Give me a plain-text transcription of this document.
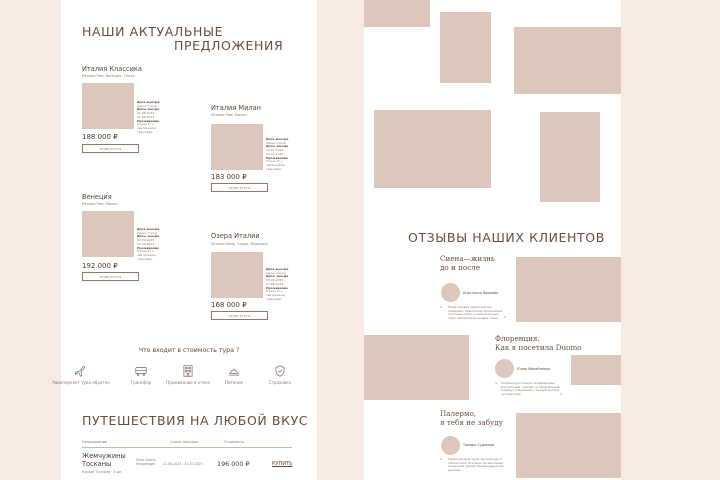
НАШИ АКТУАЛЬНЫЕ
ПРЕДЛОЖЕНИЯ
Италия Классика
Италия Рим, Венеция, Генуя
Дата выезда
Адрес Город
Даты заезда
21.08.2023 - 31.08.2023
Проживание
Отель 4* с завтраками, трансфер
188 000 ₽
записаться
Италия Милан
Италия Рим, Милан
Дата выезда
Адрес Город
Даты заезда
12.07.2023 - 22.07.2023
Проживание
Отель 4* с завтраками, трансфер
183 000 ₽
записаться
Венеция
Италия Рим, Милан
Дата выезда
Адрес Город
Даты заезда
03.09.2023 - 14.09.2023
Проживание
Отель 4* с завтраками, трансфер
192 000 ₽
записаться
Озера Италии
Италия Комо, Гарда, Маджоре
Дата выезда
Адрес Город
Даты заезда
18.06.2023 - 27.06.2023
Проживание
Отель 4* с завтраками, трансфер
168 000 ₽
записаться
Что входит в стоимость тура ?
Авиаперелет туда-обратно	Трансфер	Проживание в отеле	Питание	Страховка
ПУТЕШЕСТВИЯ НА ЛЮБОЙ ВКУС
Направление	Сроки поездки	Стоимость
Жемчужины
Тосканы
Курорт Тоскана · 5 дн.
Пиза Сиена Флоренция	21.08.2023 - 31.10.2023 196 000 ₽	КУПИТЬ
ОТЗЫВЫ НАШИХ КЛИЕНТОВ
Сиена—жизнь
до и после
Анастасия Фролова
“ Наша поездка превзошла все ожидания. Прекрасная организация, отличные отели и замечательные гиды. Обязательно поедем снова.	”
Флоренция.
Как я посетила Duomo
Юлия Михайленко
“ Флоренция оставила незабываемые впечатления. Спасибо за продуманный маршрут и внимание к каждой детали путешествия.	”
Палермо,
я тебя не забуду
Тамара Судакова
“ Удивительный город, вкусная еда и тёплое море. Всё было организовано на высшем уровне. Рекомендую всем друзьям.
